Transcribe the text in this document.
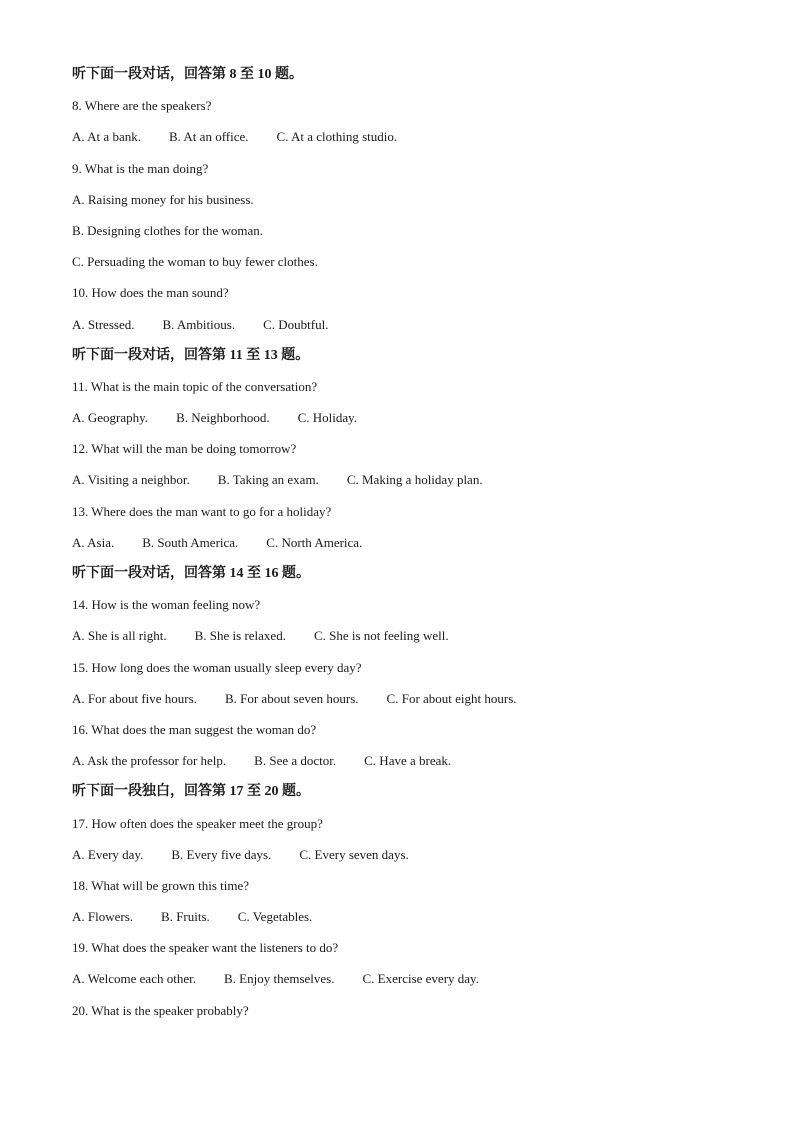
听下面一段对话，回答第 8 至 10 题。
8. Where are the speakers?
A. At a bank. B. At an office. C. At a clothing studio.
9. What is the man doing?
A. Raising money for his business.
B. Designing clothes for the woman.
C. Persuading the woman to buy fewer clothes.
10. How does the man sound?
A. Stressed. B. Ambitious. C. Doubtful.
听下面一段对话，回答第 11 至 13 题。
11. What is the main topic of the conversation?
A. Geography. B. Neighborhood. C. Holiday.
12. What will the man be doing tomorrow?
A. Visiting a neighbor. B. Taking an exam. C. Making a holiday plan.
13. Where does the man want to go for a holiday?
A. Asia. B. South America. C. North America.
听下面一段对话，回答第 14 至 16 题。
14. How is the woman feeling now?
A. She is all right. B. She is relaxed. C. She is not feeling well.
15. How long does the woman usually sleep every day?
A. For about five hours. B. For about seven hours. C. For about eight hours.
16. What does the man suggest the woman do?
A. Ask the professor for help. B. See a doctor. C. Have a break.
听下面一段独白，回答第 17 至 20 题。
17. How often does the speaker meet the group?
A. Every day. B. Every five days. C. Every seven days.
18. What will be grown this time?
A. Flowers. B. Fruits. C. Vegetables.
19. What does the speaker want the listeners to do?
A. Welcome each other. B. Enjoy themselves. C. Exercise every day.
20. What is the speaker probably?
